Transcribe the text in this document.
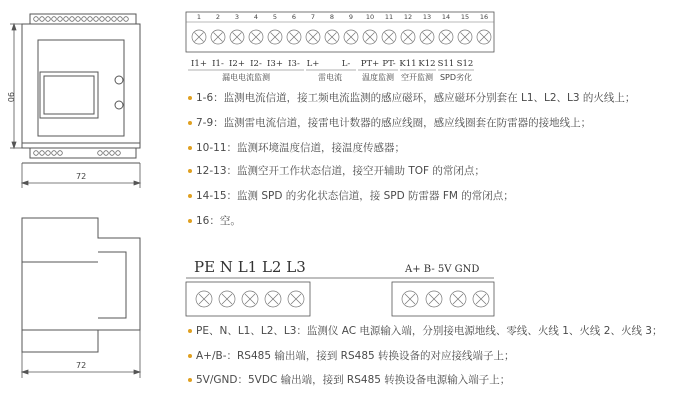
90
72
72
1 2 3 4 5 6 7 8 9 10 11 12 13 14 15 16
I1+ I1- I2+ I2- I3+ I3- L+	L- PT+ PT- K11 K12 S11 S12
漏电电流监测	雷电流	温度监测 空开监测 SPD劣化
1-6：监测电流信道，接工频电流监测的感应磁环，感应磁环分别套在 L1、L2、L3 的火线上；
7-9：监测雷电流信道，接雷电计数器的感应线圈，感应线圈套在防雷器的接地线上；
10-11：监测环境温度信道，接温度传感器；
12-13：监测空开工作状态信道，接空开辅助 TOF 的常闭点；
14-15：监测 SPD 的劣化状态信道，接 SPD 防雷器 FM 的常闭点；
16：空。
PE N L1 L2 L3	A+ B- 5V GND
PE、N、L1、L2、L3：监测仪 AC 电源输入端，分别接电源地线、零线、火线 1、火线 2、火线 3；
A+/B-：RS485 输出端，接到 RS485 转换设备的对应接线端子上；
5V/GND：5VDC 输出端，接到 RS485 转换设备电源输入端子上；
